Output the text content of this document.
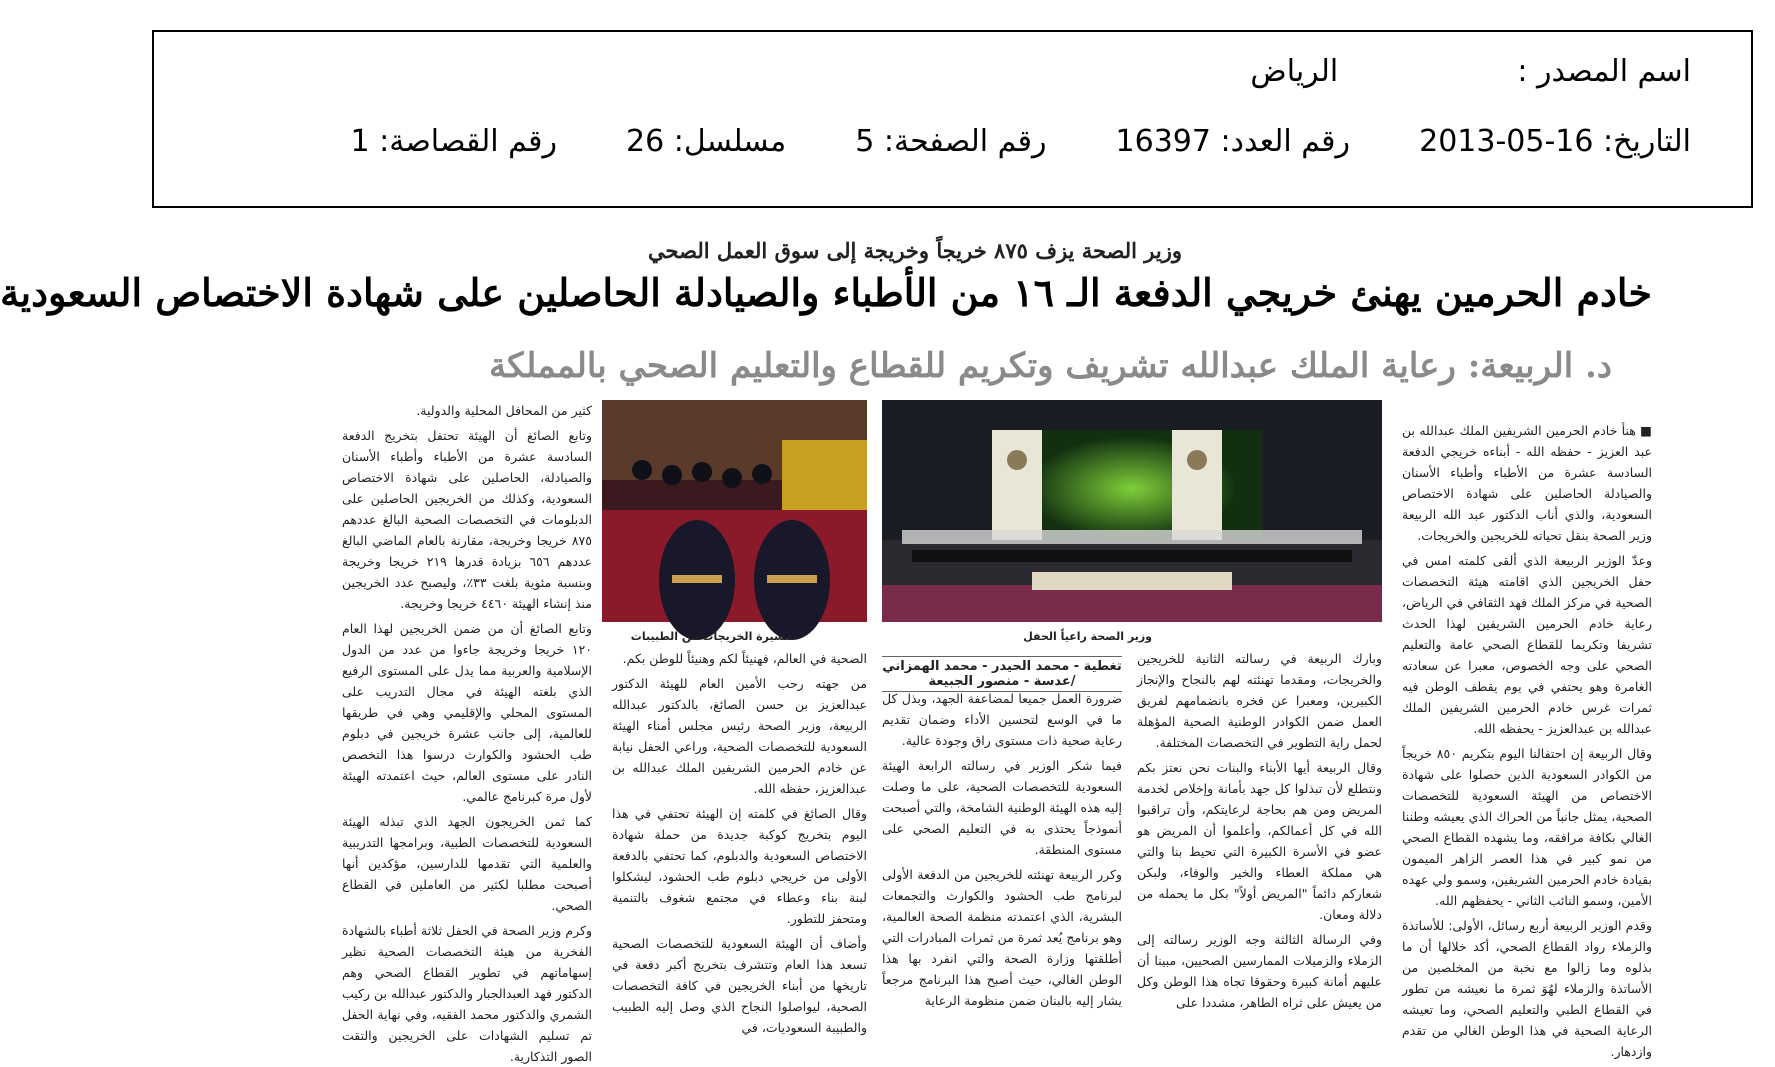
اسم المصدر :  الرياض
التاريخ: 2013-05-16  رقم العدد: 16397  رقم الصفحة: 5  مسلسل: 26  رقم القصاصة: 1
وزير الصحة يزف ٨٧٥ خريجاً وخريجة إلى سوق العمل الصحي
خادم الحرمين يهنئ خريجي الدفعة الـ ١٦ من الأطباء والصيادلة الحاصلين على شهادة الاختصاص السعودية
د. الربيعة: رعاية الملك عبدالله تشريف وتكريم للقطاع والتعليم الصحي بالمملكة

■ هنأ خادم الحرمين الشريفين الملك عبدالله بن عبد العزيز - حفظه الله - أبناءه خريجي الدفعة السادسة عشرة من الأطباء وأطباء الأسنان والصيادلة الحاصلين على شهادة الاختصاص السعودية، والذي أناب الدكتور عبد الله الربيعة وزير الصحة بنقل تحياته للخريجين والخريجات.

وعدّ الوزير الربيعة الذي ألقى كلمته امس في حفل الخريجين الذي اقامته هيئة التخصصات الصحية في مركز الملك فهد الثقافي في الرياض، رعاية خادم الحرمين الشريفين لهذا الحدث تشريفا وتكريما للقطاع الصحي عامة والتعليم الصحي على وجه الخصوص، معبرا عن سعادته الغامرة وهو يحتفي في يوم يقطف الوطن فيه ثمرات غرس خادم الحرمين الشريفين الملك عبدالله بن عبدالعزيز - يحفظه الله.

وقال الربيعة إن احتفالنا اليوم بتكريم ٨٥٠ خريجاً من الكوادر السعودية الذين حصلوا على شهادة الاختصاص من الهيئة السعودية للتخصصات الصحية، يمثل جانباً من الحراك الذي يعيشه وطننا الغالي بكافة مرافقه، وما يشهده القطاع الصحي من نمو كبير في هذا العصر الزاهر الميمون بقيادة خادم الحرمين الشريفين، وسمو ولي عهده الأمين، وسمو النائب الثاني - يحفظهم الله.

وقدم الوزير الربيعة أربع رسائل، الأولى: للأساتذة والزملاء رواد القطاع الصحي، أكد خلالها أن ما بذلوه وما زالوا مع نخبة من المخلصين من الأساتذة والزملاء لهُوَ ثمرة ما نعيشه من تطور في القطاع الطبي والتعليم الصحي، وما تعيشه الرعاية الصحية في هذا الوطن الغالي من تقدم وازدهار.

وزير الصحة راعياً الحفل
مسيرة الخريجات من الطبيبات

وبارك الربيعة في رسالته الثانية للخريجين والخريجات، ومقدما تهنئته لهم بالنجاح والإنجاز الكبيرين، ومعبرا عن فخره بانضمامهم لفريق العمل ضمن الكوادر الوطنية الصحية المؤهلة لحمل راية التطوير في التخصصات المختلفة.

وقال الربيعة أيها الأبناء والبنات نحن نعتز بكم ونتطلع لأن تبذلوا كل جهد بأمانة وإخلاص لخدمة المريض ومن هم بحاجة لرعايتكم، وأن تراقبوا الله في كل أعمالكم، وأعلموا أن المريض هو عضو في الأسرة الكبيرة التي تحيط بنا والتي هي مملكة العطاء والخير والوفاء، ولبكن شعاركم دائماً "المريض أولاً" بكل ما يحمله من دلالة ومعان.

وفي الرسالة الثالثة وجه الوزير رسالته إلى الزملاء والزميلات الممارسين الصحيين، مبينا أن عليهم أمانة كبيرة وحقوقا تجاه هذا الوطن وكل من يعيش على ثراه الطاهر، مشددا على

تغطية - محمد الحيدر - محمد الهمزاني /عدسة - منصور الجبيعة

ضرورة العمل جميعا لمضاعفة الجهد، وبذل كل ما في الوسع لتحسين الأداء وضمان تقديم رعاية صحية ذات مستوى راق وجودة عالية.

فيما شكر الوزير في رسالته الرابعة الهيئة السعودية للتخصصات الصحية، على ما وصلت إليه هذه الهيئة الوطنية الشامخة، والتي أصبحت أنموذجاً يحتذى به في التعليم الصحي على مستوى المنطقة.

وكرر الربيعة تهنئته للخريجين من الدفعة الأولى لبرنامج طب الحشود والكوارث والتجمعات البشرية، الذي اعتمدته منظمة الصحة العالمية، وهو برنامج يُعد ثمرة من ثمرات المبادرات التي أطلقتها وزارة الصحة والتي انفرد بها هذا الوطن الغالي، حيث أصبح هذا البرنامج مرجعاً يشار إليه بالبنان ضمن منظومة الرعاية

الصحية في العالم، فهنيئاً لكم وهنيئاً للوطن بكم.

من جهته رحب الأمين العام للهيئة الدكتور عبدالعزيز بن حسن الصائغ، بالدكتور عبدالله الربيعة، وزير الصحة رئيس مجلس أمناء الهيئة السعودية للتخصصات الصحية، وراعي الحفل نيابة عن خادم الحرمين الشريفين الملك عبدالله بن عبدالعزيز، حفظه الله.

وقال الصائغ في كلمته إن الهيئة تحتفي في هذا اليوم بتخريج كوكبة جديدة من حملة شهادة الاختصاص السعودية والدبلوم، كما تحتفي بالدفعة الأولى من خريجي دبلوم طب الحشود، ليشكلوا لبنة بناء وعطاء في مجتمع شغوف بالتنمية ومتحفز للتطور.

وأضاف أن الهيئة السعودية للتخصصات الصحية تسعد هذا العام وتتشرف بتخريج أكبر دفعة في تاريخها من أبناء الخريجين في كافة التخصصات الصحية، ليواصلوا النجاح الذي وصل إليه الطبيب والطبيبة السعوديات، في

كثير من المحافل المحلية والدولية.

وتابع الصائغ أن الهيئة تحتفل بتخريج الدفعة السادسة عشرة من الأطباء وأطباء الأسنان والصيادلة، الحاصلين على شهادة الاختصاص السعودية، وكذلك من الخريجين الحاصلين على الدبلومات في التخصصات الصحية البالغ عددهم ٨٧٥ خريجا وخريجة، مقارنة بالعام الماضي البالغ عددهم ٦٥٦ بزيادة قدرها ٢١٩ خريجا وخريجة وبنسبة مئوية بلغت ٣٣٪، وليصبح عدد الخريجين منذ إنشاء الهيئة ٤٤٦٠ خريجا وخريجة.

وتابع الصائغ أن من ضمن الخريجين لهذا العام ١٢٠ خريجا وخريجة جاءوا من عدد من الدول الإسلامية والعربية مما يدل على المستوى الرفيع الذي بلغته الهيئة في مجال التدريب على المستوى المحلي والإقليمي وهي في طريقها للعالمية، إلى جانب عشرة خريجين في دبلوم طب الحشود والكوارث درسوا هذا التخصص النادر على مستوى العالم، حيث اعتمدته الهيئة لأول مرة كبرنامج عالمي.

كما ثمن الخريجون الجهد الذي تبذله الهيئة السعودية للتخصصات الطبية، وبرامجها التدريبية والعلمية التي تقدمها للدارسين، مؤكدين أنها أصبحت مطلبا لكثير من العاملين في القطاع الصحي.

وكرم وزير الصحة في الحفل ثلاثة أطباء بالشهادة الفخرية من هيئة التخصصات الصحية نظير إسهاماتهم في تطوير القطاع الصحي وهم الدكتور فهد العبدالجبار والدكتور عبدالله بن ركيب الشمري والدكتور محمد الفقيه، وفي نهاية الحفل تم تسليم الشهادات على الخريجين والتقت الصور التذكارية.
